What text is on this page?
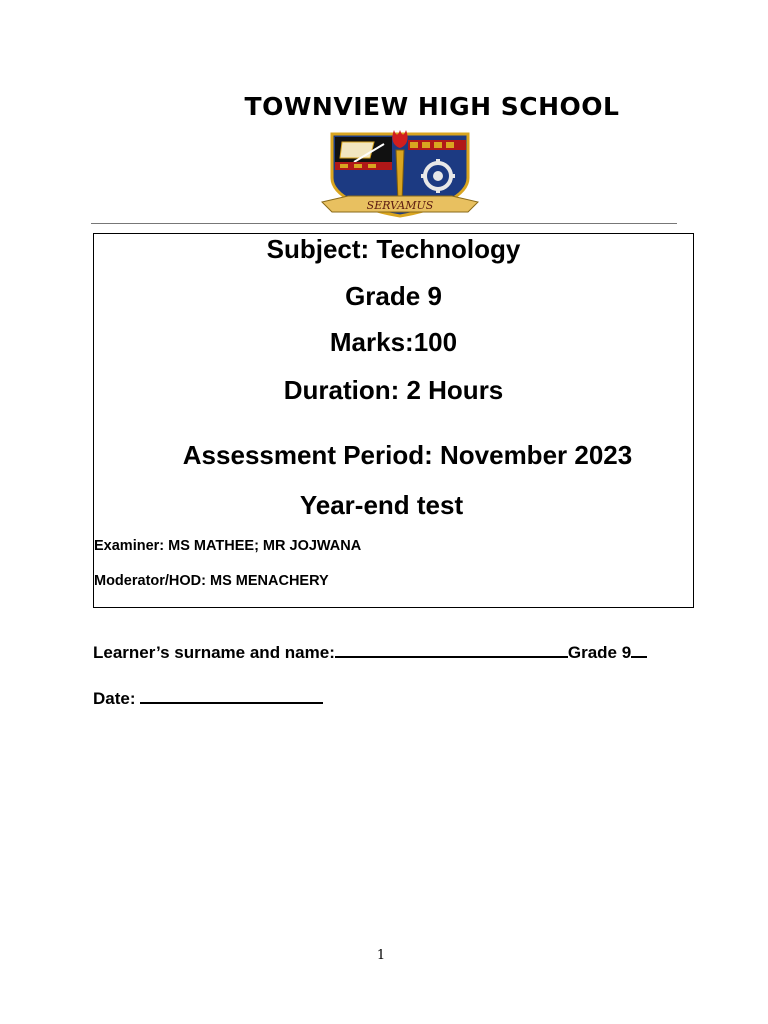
TOWNVIEW HIGH SCHOOL
SERVAMUS
Subject: Technology
Grade 9
Marks:100
Duration: 2 Hours
Assessment Period: November 2023
Year-end test
Examiner: MS MATHEE; MR JOJWANA
Moderator/HOD: MS MENACHERY
Learner’s surname and name:	Grade 9
Date:
1
